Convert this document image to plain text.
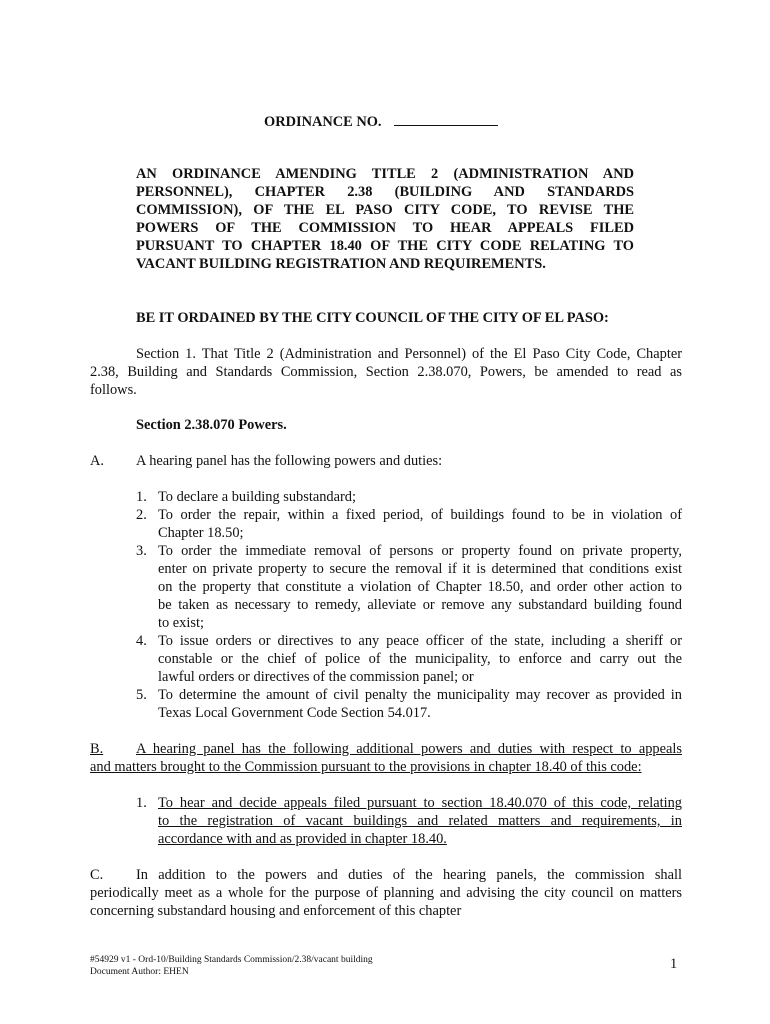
ORDINANCE NO.
AN ORDINANCE AMENDING TITLE 2 (ADMINISTRATION AND
PERSONNEL), CHAPTER 2.38 (BUILDING AND STANDARDS
COMMISSION), OF THE EL PASO CITY CODE, TO REVISE THE
POWERS OF THE COMMISSION TO HEAR APPEALS FILED
PURSUANT TO CHAPTER 18.40 OF THE CITY CODE RELATING TO
VACANT BUILDING REGISTRATION AND REQUIREMENTS.
BE IT ORDAINED BY THE CITY COUNCIL OF THE CITY OF EL PASO:
Section 1. That Title 2 (Administration and Personnel) of the El Paso City Code, Chapter
2.38, Building and Standards Commission, Section 2.38.070, Powers, be amended to read as
follows.
Section 2.38.070 Powers.
A. A hearing panel has the following powers and duties:
1. To declare a building substandard;
2. To order the repair, within a fixed period, of buildings found to be in violation of
Chapter 18.50;
3. To order the immediate removal of persons or property found on private property,
enter on private property to secure the removal if it is determined that conditions exist
on the property that constitute a violation of Chapter 18.50, and order other action to
be taken as necessary to remedy, alleviate or remove any substandard building found
to exist;
4. To issue orders or directives to any peace officer of the state, including a sheriff or
constable or the chief of police of the municipality, to enforce and carry out the
lawful orders or directives of the commission panel; or
5. To determine the amount of civil penalty the municipality may recover as provided in
Texas Local Government Code Section 54.017.
B.	A hearing panel has the following additional powers and duties with respect to appeals
and matters brought to the Commission pursuant to the provisions in chapter 18.40 of this code:
1. To hear and decide appeals filed pursuant to section 18.40.070 of this code, relating
to the registration of vacant buildings and related matters and requirements, in
accordance with and as provided in chapter 18.40.
C. In addition to the powers and duties of the hearing panels, the commission shall
periodically meet as a whole for the purpose of planning and advising the city council on matters
concerning substandard housing and enforcement of this chapter
#54929 v1 - Ord-10/Building Standards Commission/2.38/vacant building
Document Author: EHEN	1
